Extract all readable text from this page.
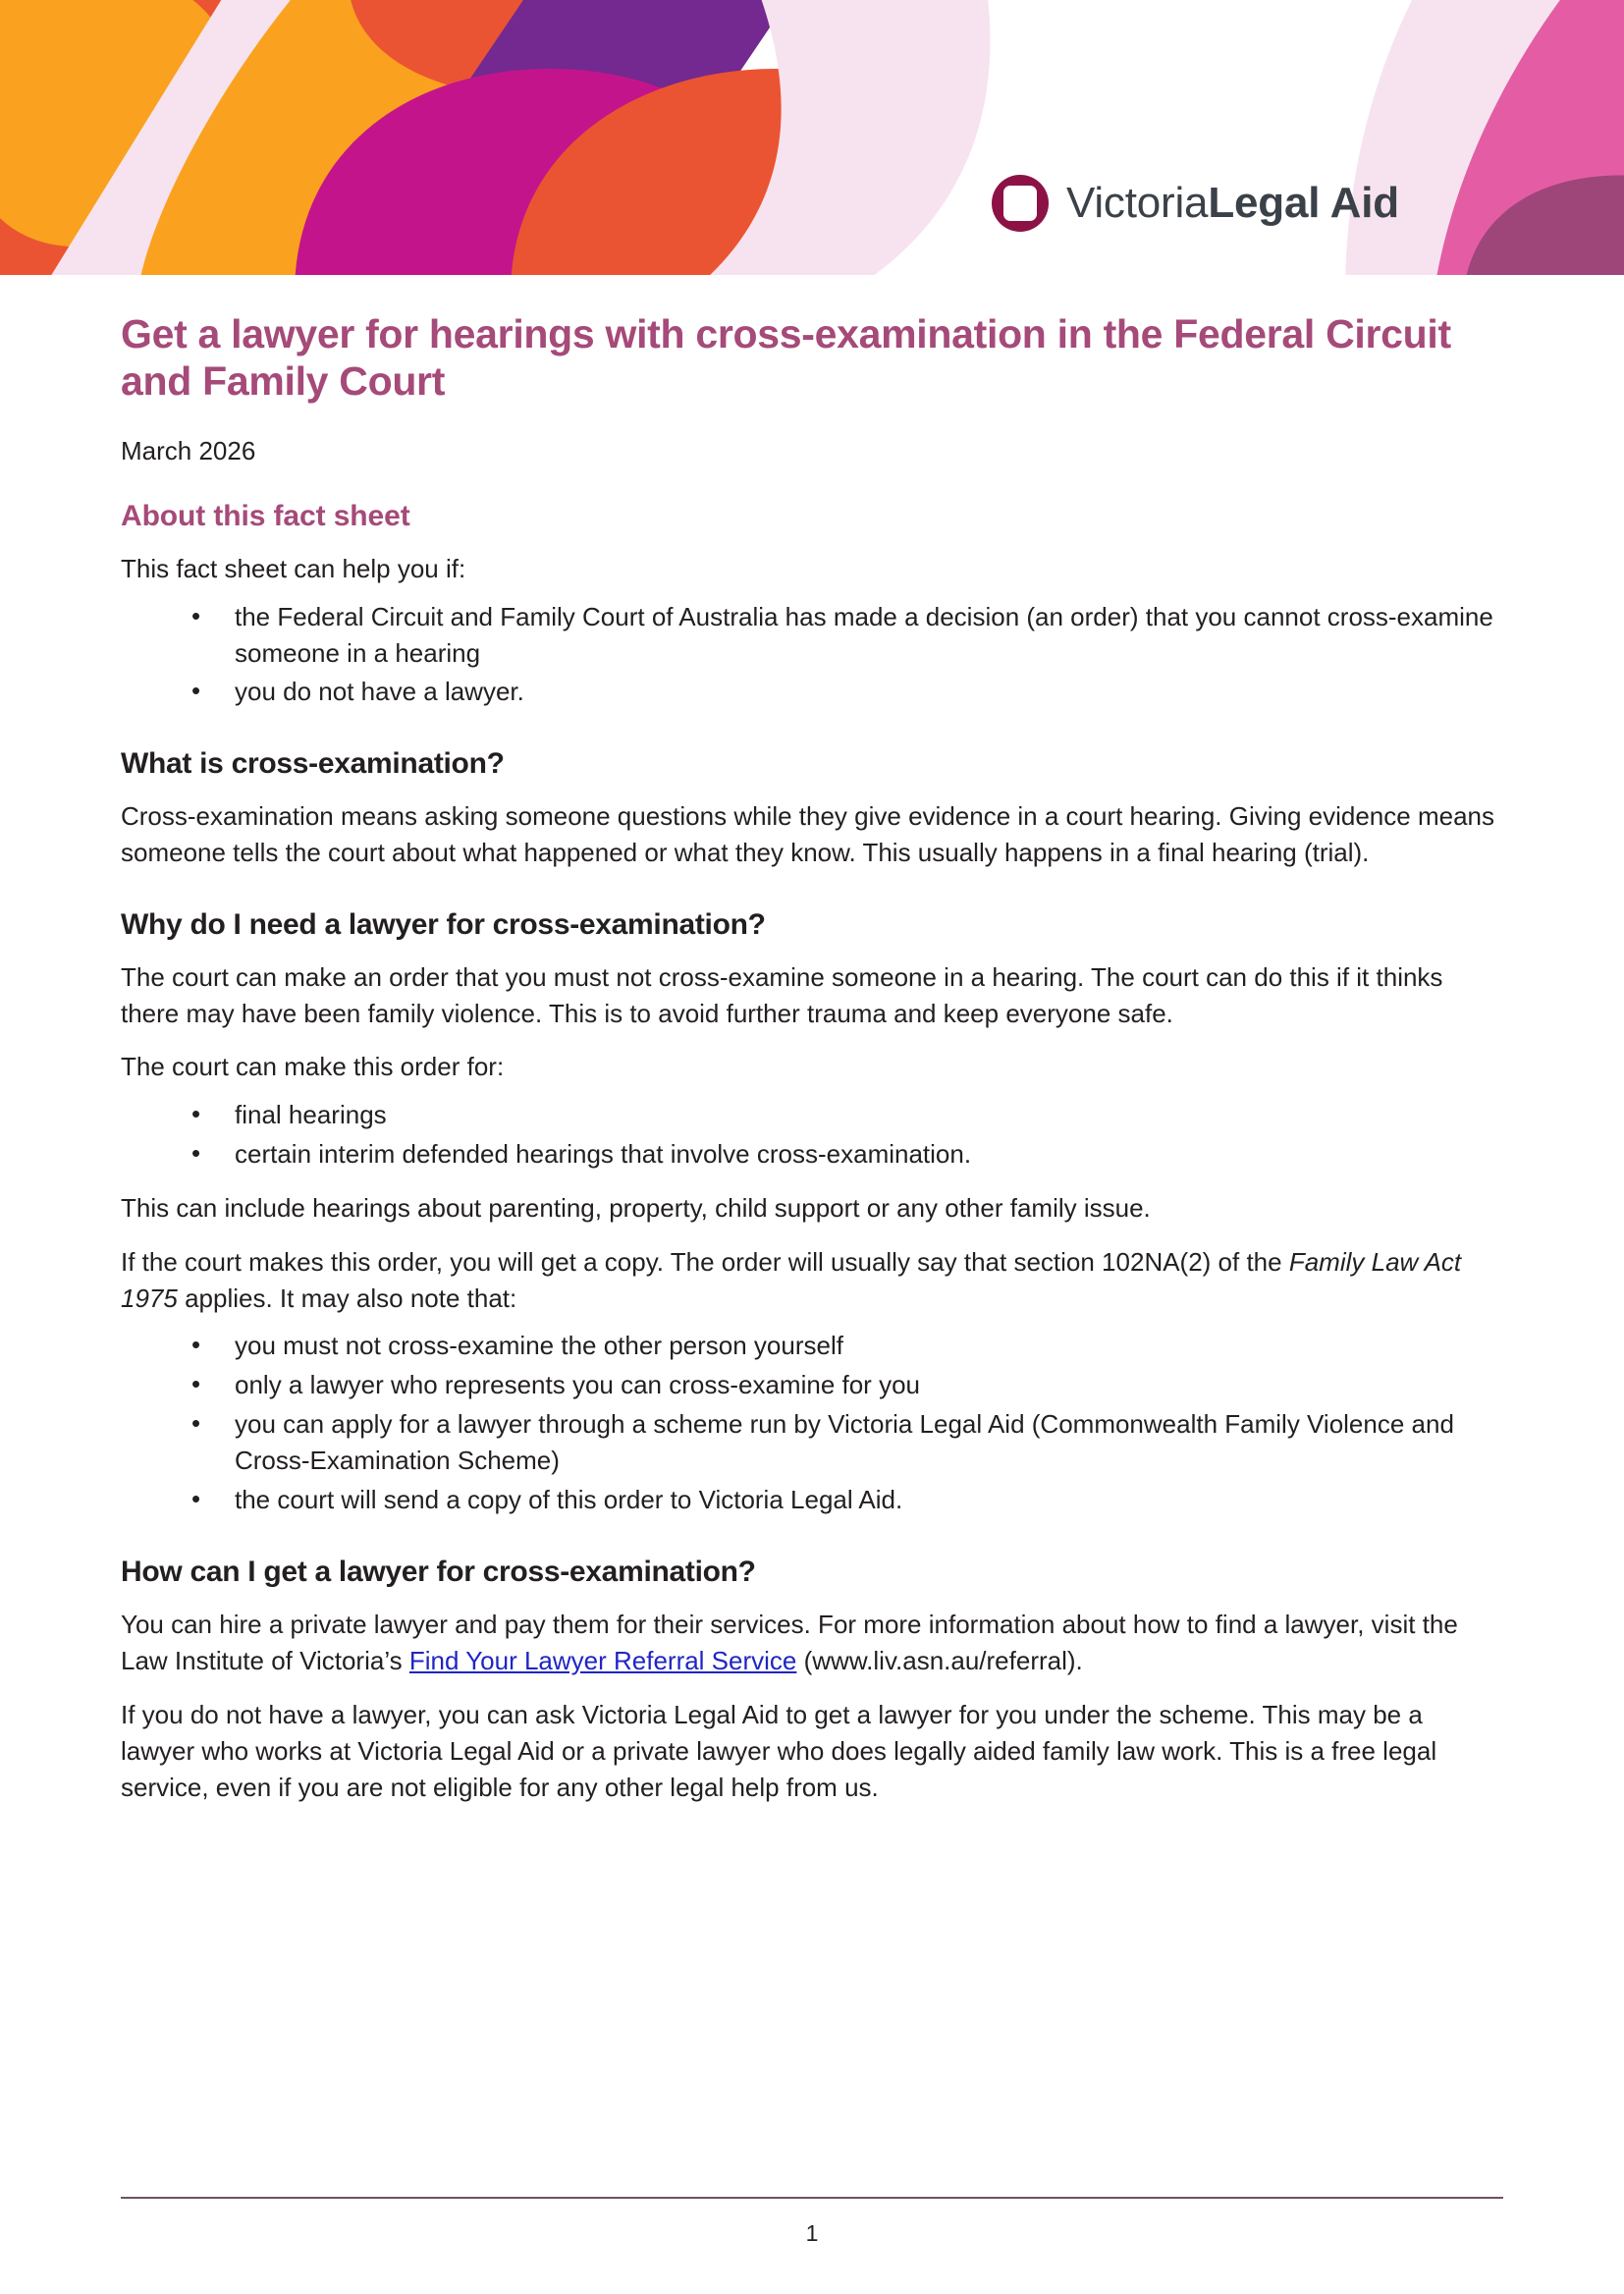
VictoriaLegal Aid
Get a lawyer for hearings with cross-examination in the Federal Circuit and Family Court

March 2026

About this fact sheet

This fact sheet can help you if:

• the Federal Circuit and Family Court of Australia has made a decision (an order) that you cannot cross-examine someone in a hearing
• you do not have a lawyer.
What is cross-examination?

Cross-examination means asking someone questions while they give evidence in a court hearing. Giving evidence means someone tells the court about what happened or what they know. This usually happens in a final hearing (trial).

Why do I need a lawyer for cross-examination?

The court can make an order that you must not cross-examine someone in a hearing. The court can do this if it thinks there may have been family violence. This is to avoid further trauma and keep everyone safe.

The court can make this order for:

• final hearings
• certain interim defended hearings that involve cross-examination.

This can include hearings about parenting, property, child support or any other family issue.

If the court makes this order, you will get a copy. The order will usually say that section 102NA(2) of the Family Law Act 1975 applies. It may also note that:

• you must not cross-examine the other person yourself
• only a lawyer who represents you can cross-examine for you
• you can apply for a lawyer through a scheme run by Victoria Legal Aid (Commonwealth Family Violence and Cross-Examination Scheme)
• the court will send a copy of this order to Victoria Legal Aid.
How can I get a lawyer for cross-examination?

You can hire a private lawyer and pay them for their services. For more information about how to find a lawyer, visit the Law Institute of Victoria’s Find Your Lawyer Referral Service (www.liv.asn.au/referral).

If you do not have a lawyer, you can ask Victoria Legal Aid to get a lawyer for you under the scheme. This may be a lawyer who works at Victoria Legal Aid or a private lawyer who does legally aided family law work. This is a free legal service, even if you are not eligible for any other legal help from us.

1
